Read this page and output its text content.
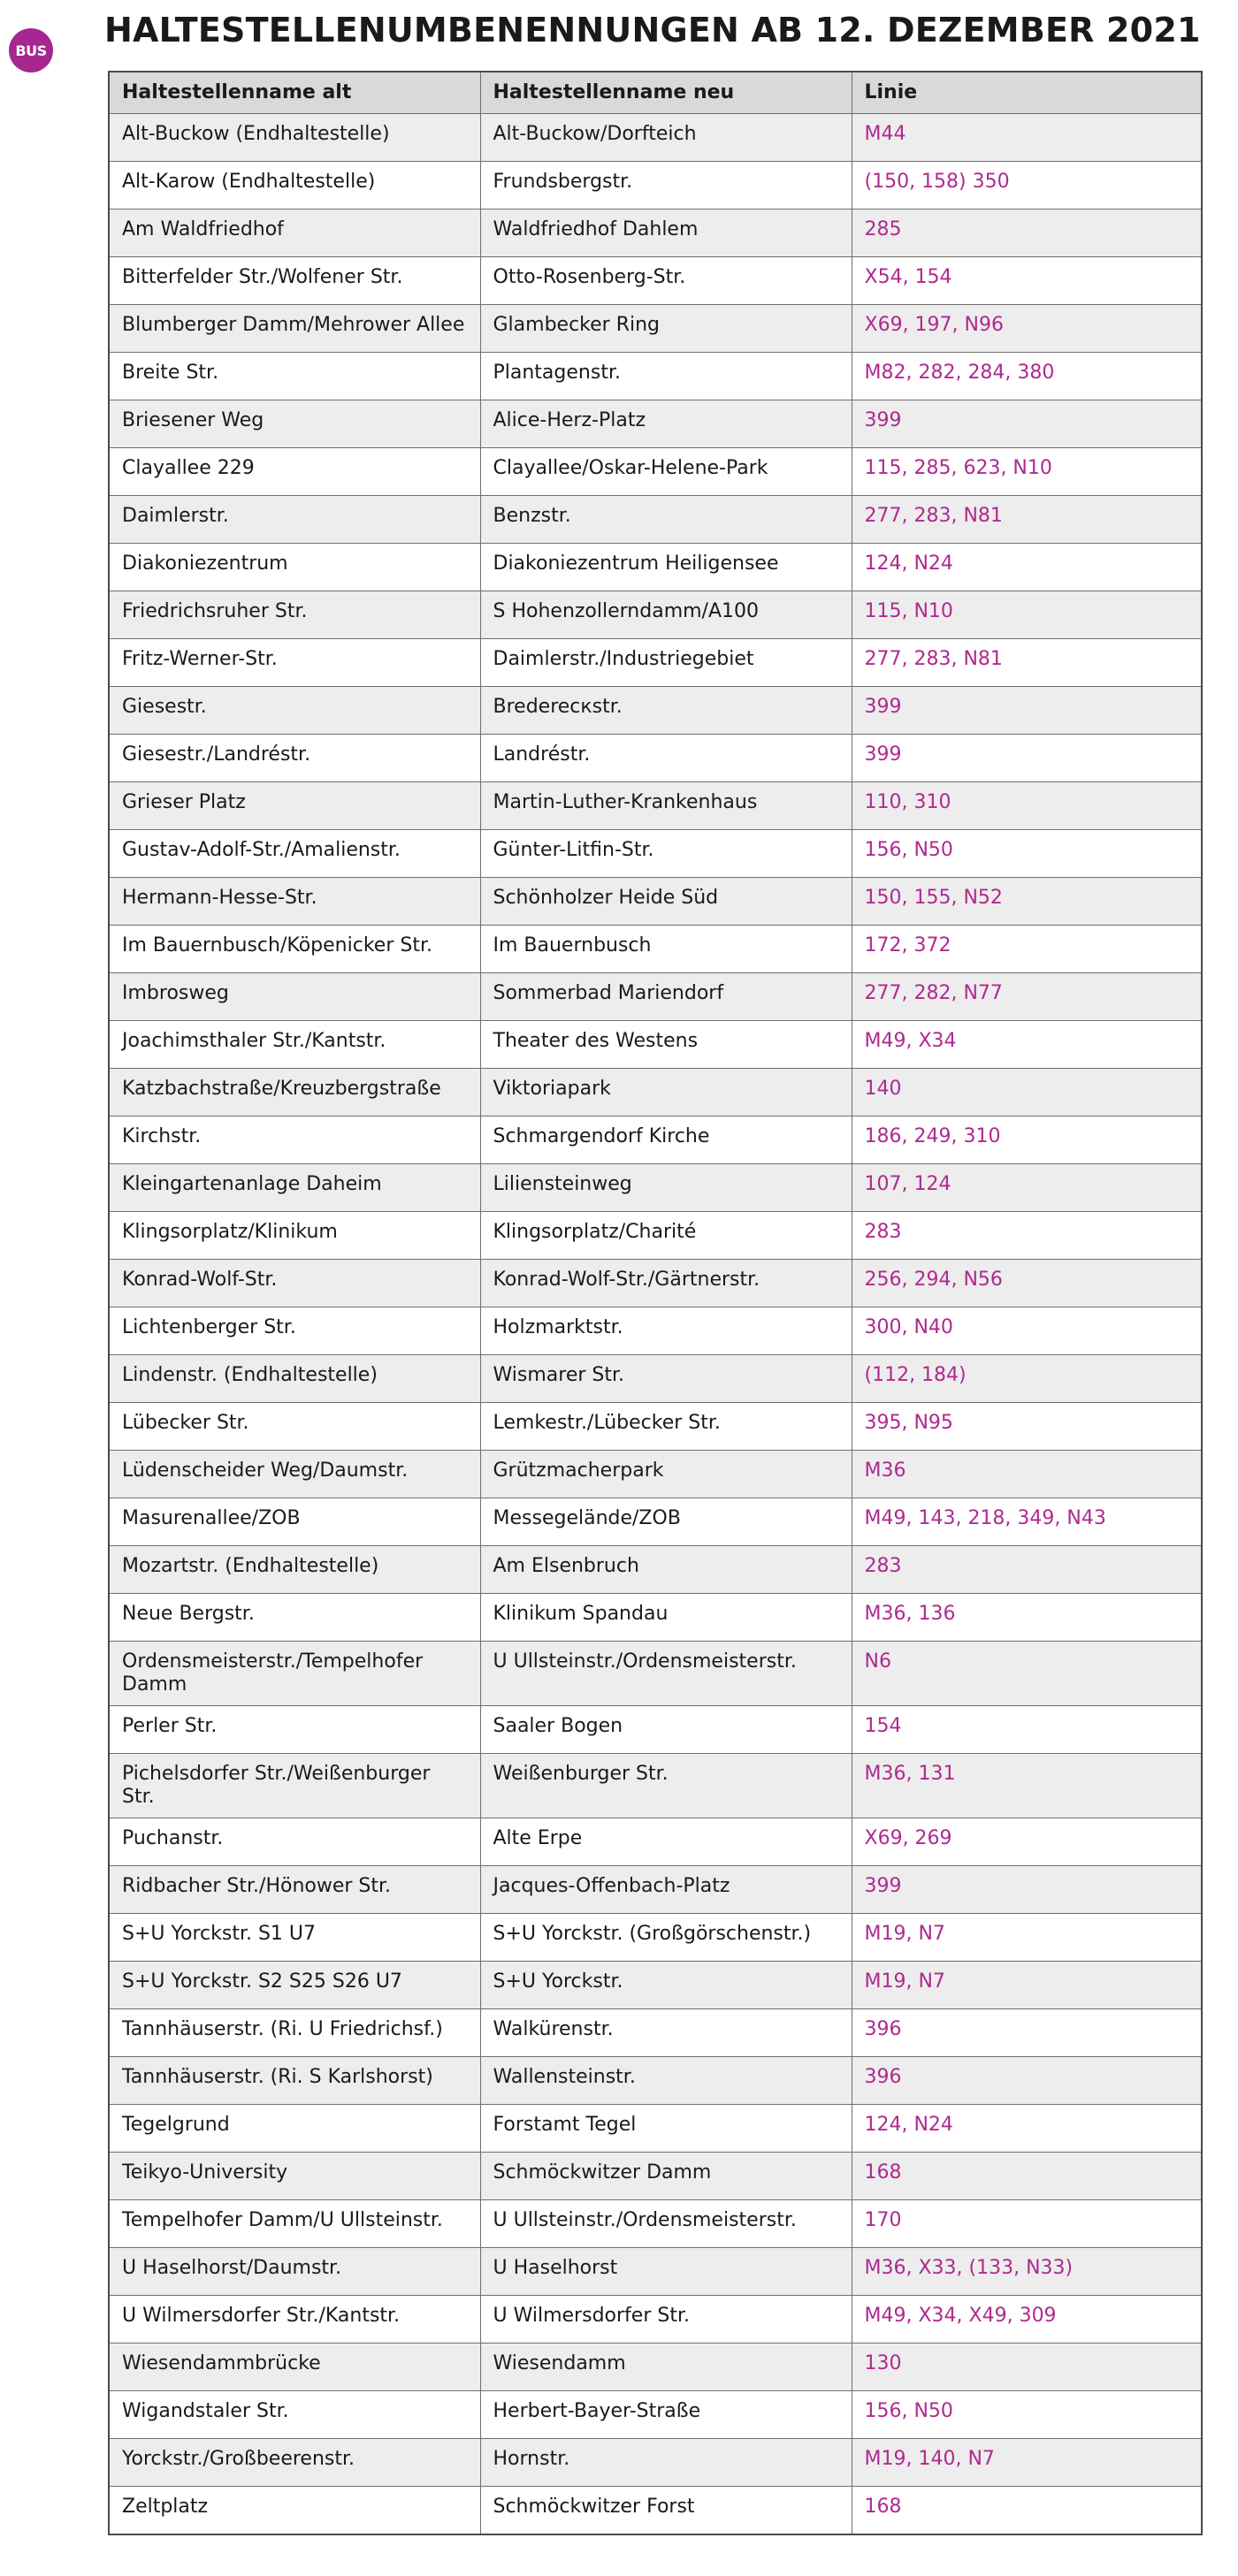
BUS
HALTESTELLENUMBENENNUNGEN AB 12. DEZEMBER 2021
Haltestellenname alt	Haltestellenname neu	Linie
Alt-Buckow (Endhaltestelle)	Alt-Buckow/Dorfteich	M44
Alt-Karow (Endhaltestelle)	Frundsbergstr.	(150, 158) 350
Am Waldfriedhof	Waldfriedhof Dahlem	285
Bitterfelder Str./Wolfener Str.	Otto-Rosenberg-Str.	X54, 154
Blumberger Damm/Mehrower Allee	Glambecker Ring	X69, 197, N96
Breite Str.	Plantagenstr.	M82, 282, 284, 380
Briesener Weg	Alice-Herz-Platz	399
Clayallee 229	Clayallee/Oskar-Helene-Park	115, 285, 623, N10
Daimlerstr.	Benzstr.	277, 283, N81
Diakoniezentrum	Diakoniezentrum Heiligensee	124, N24
Friedrichsruher Str.	S Hohenzollerndamm/A100	115, N10
Fritz-Werner-Str.	Daimlerstr./Industriegebiet	277, 283, N81
Giesestr.	Brederecкstr.	399
Giesestr./Landréstr.	Landréstr.	399
Grieser Platz	Martin-Luther-Krankenhaus	110, 310
Gustav-Adolf-Str./Amalienstr.	Günter-Litfin-Str.	156, N50
Hermann-Hesse-Str.	Schönholzer Heide Süd	150, 155, N52
Im Bauernbusch/Köpenicker Str.	Im Bauernbusch	172, 372
Imbrosweg	Sommerbad Mariendorf	277, 282, N77
Joachimsthaler Str./Kantstr.	Theater des Westens	M49, X34
Katzbachstraße/Kreuzbergstraße	Viktoriapark	140
Kirchstr.	Schmargendorf Kirche	186, 249, 310
Kleingartenanlage Daheim	Liliensteinweg	107, 124
Klingsorplatz/Klinikum	Klingsorplatz/Charité	283
Konrad-Wolf-Str.	Konrad-Wolf-Str./Gärtnerstr.	256, 294, N56
Lichtenberger Str.	Holzmarktstr.	300, N40
Lindenstr. (Endhaltestelle)	Wismarer Str.	(112, 184)
Lübecker Str.	Lemkestr./Lübecker Str.	395, N95
Lüdenscheider Weg/Daumstr.	Grützmacherpark	M36
Masurenallee/ZOB	Messegelände/ZOB	M49, 143, 218, 349, N43
Mozartstr. (Endhaltestelle)	Am Elsenbruch	283
Neue Bergstr.	Klinikum Spandau	M36, 136
Ordensmeisterstr./Tempelhofer Damm	U Ullsteinstr./Ordensmeisterstr.	N6
Perler Str.	Saaler Bogen	154
Pichelsdorfer Str./Weißenburger Str.	Weißenburger Str.	M36, 131
Puchanstr.	Alte Erpe	X69, 269
Ridbacher Str./Hönower Str.	Jacques-Offenbach-Platz	399
S+U Yorckstr. S1 U7	S+U Yorckstr. (Großgörschenstr.)	M19, N7
S+U Yorckstr. S2 S25 S26 U7	S+U Yorckstr.	M19, N7
Tannhäuserstr. (Ri. U Friedrichsf.)	Walkürenstr.	396
Tannhäuserstr. (Ri. S Karlshorst)	Wallensteinstr.	396
Tegelgrund	Forstamt Tegel	124, N24
Teikyo-University	Schmöckwitzer Damm	168
Tempelhofer Damm/U Ullsteinstr.	U Ullsteinstr./Ordensmeisterstr.	170
U Haselhorst/Daumstr.	U Haselhorst	M36, X33, (133, N33)
U Wilmersdorfer Str./Kantstr.	U Wilmersdorfer Str.	M49, X34, X49, 309
Wiesendammbrücke	Wiesendamm	130
Wigandstaler Str.	Herbert-Bayer-Straße	156, N50
Yorckstr./Großbeerenstr.	Hornstr.	M19, 140, N7
Zeltplatz	Schmöckwitzer Forst	168
